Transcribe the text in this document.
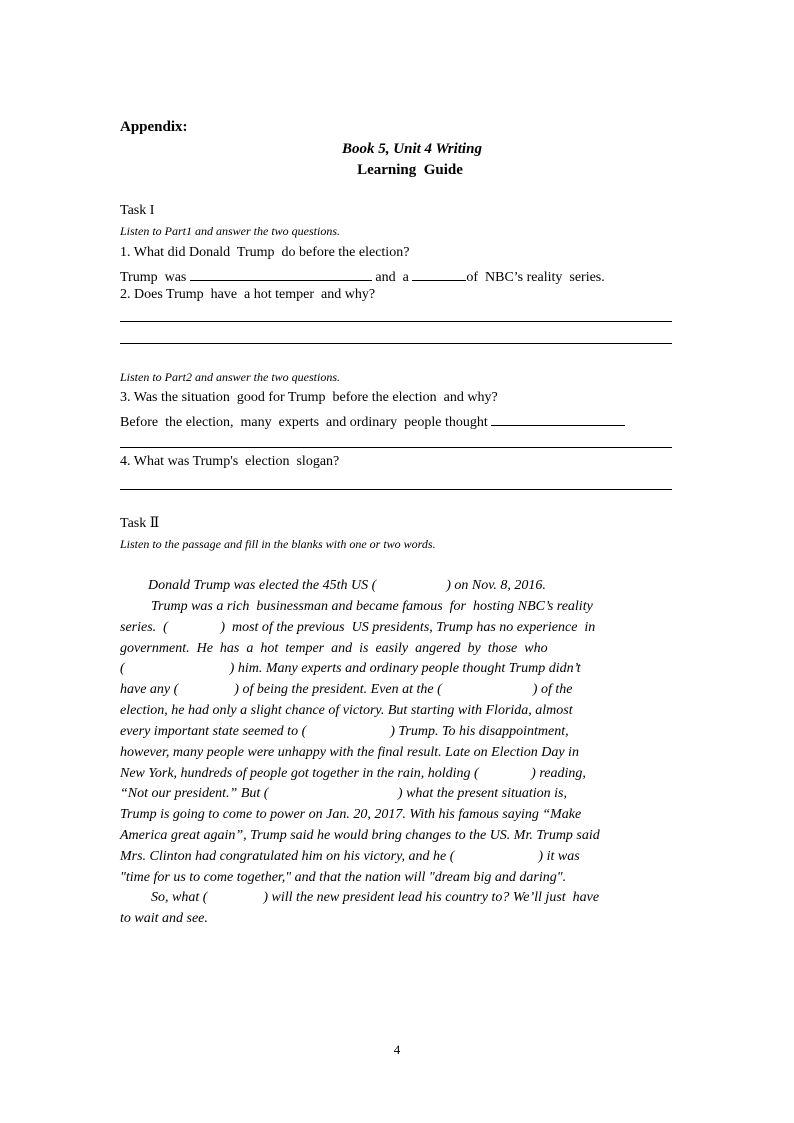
Appendix:
Book 5, Unit 4 Writing
Learning  Guide
Task I
Listen to Part1 and answer the two questions.
1. What did Donald  Trump  do before the election?
Trump  was	and  a	of  NBC’s reality  series.
2. Does Trump  have  a hot temper  and why?
Listen to Part2 and answer the two questions.
3. Was the situation  good for Trump  before the election  and why?
Before  the election,  many  experts  and ordinary  people thought
4. What was Trump's  election  slogan?
Task Ⅱ
Listen to the passage and fill in the blanks with one or two words.
Donald Trump was elected the 45th US (                    ) on Nov. 8, 2016.
Trump was a rich  businessman and became famous  for  hosting NBC’s reality
series.  (               )  most of the previous  US presidents, Trump has no experience  in
government.  He  has  a  hot  temper  and  is  easily  angered  by  those  who
(                              ) him. Many experts and ordinary people thought Trump didn’t
have any (                ) of being the president. Even at the (                          ) of the
election, he had only a slight chance of victory. But starting with Florida, almost
every important state seemed to (                        ) Trump. To his disappointment,
however, many people were unhappy with the final result. Late on Election Day in
New York, hundreds of people got together in the rain, holding (               ) reading,
“Not our president.” But (                                     ) what the present situation is,
Trump is going to come to power on Jan. 20, 2017. With his famous saying “Make
America great again”, Trump said he would bring changes to the US. Mr. Trump said
Mrs. Clinton had congratulated him on his victory, and he (                        ) it was
"time for us to come together," and that the nation will "dream big and daring".
So, what (                ) will the new president lead his country to? We’ll just  have
to wait and see.
4
